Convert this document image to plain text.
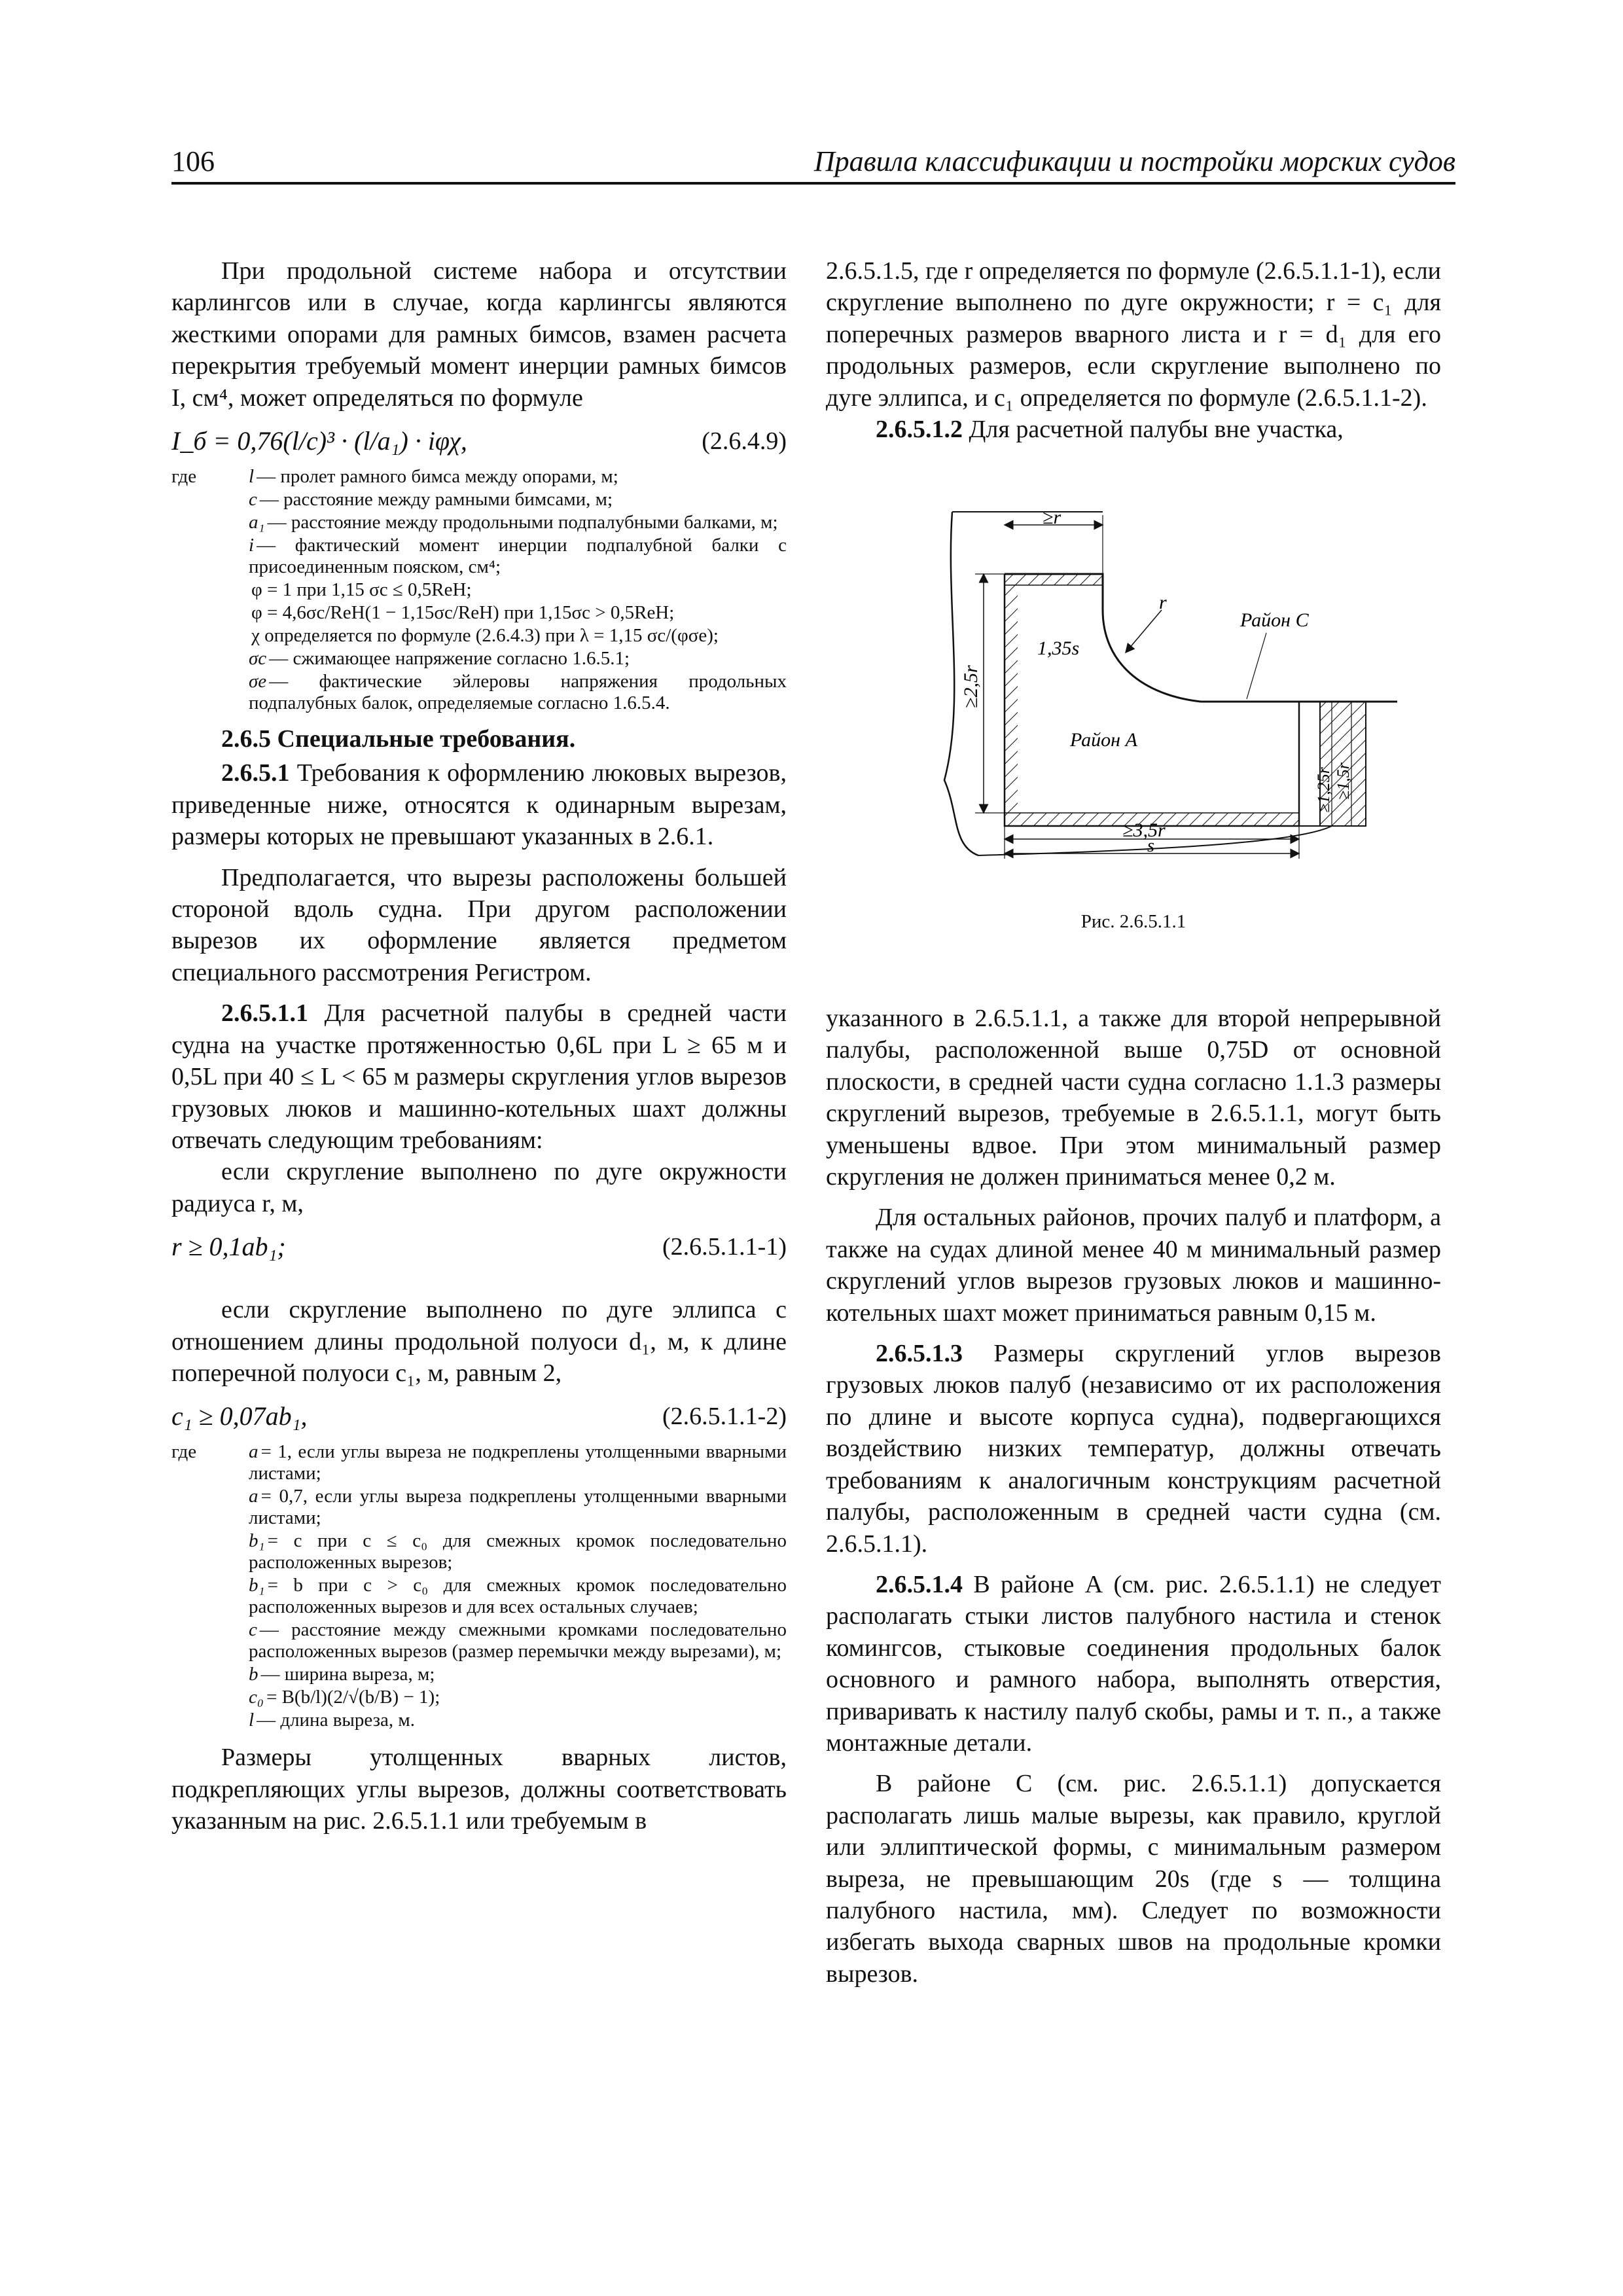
106	Правила классификации и постройки морских судов

При продольной системе набора и отсутствии карлингсов или в случае, когда карлингсы являются жесткими опорами для рамных бимсов, взамен расчета перекрытия требуемый момент инерции рамных бимсов I, см⁴, может определяться по формуле

I_б = 0,76(l/c)³ · (l/a₁) · iφχ,	(2.6.4.9)
где	l — пролет рамного бимса между опорами, м;
c — расстояние между рамными бимсами, м;
a₁ — расстояние между продольными подпалубными балками, м;
i — фактический момент инерции подпалубной балки с присоединенным пояском, см⁴;
φ = 1 при 1,15 σc ≤ 0,5ReH;
φ = 4,6σc/ReH(1 − 1,15σc/ReH) при 1,15σc > 0,5ReH;
χ определяется по формуле (2.6.4.3) при λ = 1,15 σc/(φσe);
σc — сжимающее напряжение согласно 1.6.5.1;
σe — фактические эйлеровы напряжения продольных подпалубных балок, определяемые согласно 1.6.5.4.
2.6.5 Специальные требования.

2.6.5.1 Требования к оформлению люковых вырезов, приведенные ниже, относятся к одинарным вырезам, размеры которых не превышают указанных в 2.6.1.

Предполагается, что вырезы расположены большей стороной вдоль судна. При другом расположении вырезов их оформление является предметом специального рассмотрения Регистром.

2.6.5.1.1 Для расчетной палубы в средней части судна на участке протяженностью 0,6L при L ≥ 65 м и 0,5L при 40 ≤ L < 65 м размеры скругления углов вырезов грузовых люков и машинно-котельных шахт должны отвечать следующим требованиям:

если скругление выполнено по дуге окружности радиуса r, м,

r ≥ 0,1ab₁;	(2.6.5.1.1-1)

если скругление выполнено по дуге эллипса с отношением длины продольной полуоси d₁, м, к длине поперечной полуоси c₁, м, равным 2,

c₁ ≥ 0,07ab₁,	(2.6.5.1.1-2)
где	a = 1, если углы выреза не подкреплены утолщенными вварными листами;
a = 0,7, если углы выреза подкреплены утолщенными вварными листами;
b₁ = c при c ≤ c₀ для смежных кромок последовательно расположенных вырезов;
b₁ = b при c > c₀ для смежных кромок последовательно расположенных вырезов и для всех остальных случаев;
c — расстояние между смежными кромками последовательно расположенных вырезов (размер перемычки между вырезами), м;
b — ширина выреза, м;
c₀ = B(b/l)(2/√(b/B) − 1);
l — длина выреза, м.

Размеры утолщенных вварных листов, подкрепляющих углы вырезов, должны соответствовать указанным на рис. 2.6.5.1.1 или требуемым в

2.6.5.1.5, где r определяется по формуле (2.6.5.1.1-1), если скругление выполнено по дуге окружности; r = c₁ для поперечных размеров вварного листа и r = d₁ для его продольных размеров, если скругление выполнено по дуге эллипса, и c₁ определяется по формуле (2.6.5.1.1-2).

2.6.5.1.2 Для расчетной палубы вне участка,

≥r
r
1,35s
Район A
Район C
≥2,5r
≥1,25r ≥1,5r
≥3,5r
s
Рис. 2.6.5.1.1

указанного в 2.6.5.1.1, а также для второй непрерывной палубы, расположенной выше 0,75D от основной плоскости, в средней части судна согласно 1.1.3 размеры скруглений вырезов, требуемые в 2.6.5.1.1, могут быть уменьшены вдвое. При этом минимальный размер скругления не должен приниматься менее 0,2 м.

Для остальных районов, прочих палуб и платформ, а также на судах длиной менее 40 м минимальный размер скруглений углов вырезов грузовых люков и машинно-котельных шахт может приниматься равным 0,15 м.

2.6.5.1.3 Размеры скруглений углов вырезов грузовых люков палуб (независимо от их расположения по длине и высоте корпуса судна), подвергающихся воздействию низких температур, должны отвечать требованиям к аналогичным конструкциям расчетной палубы, расположенным в средней части судна (см. 2.6.5.1.1).

2.6.5.1.4 В районе А (см. рис. 2.6.5.1.1) не следует располагать стыки листов палубного настила и стенок комингсов, стыковые соединения продольных балок основного и рамного набора, выполнять отверстия, приваривать к настилу палуб скобы, рамы и т. п., а также монтажные детали.

В районе С (см. рис. 2.6.5.1.1) допускается располагать лишь малые вырезы, как правило, круглой или эллиптической формы, с минимальным размером выреза, не превышающим 20s (где s — толщина палубного настила, мм). Следует по возможности избегать выхода сварных швов на продольные кромки вырезов.
